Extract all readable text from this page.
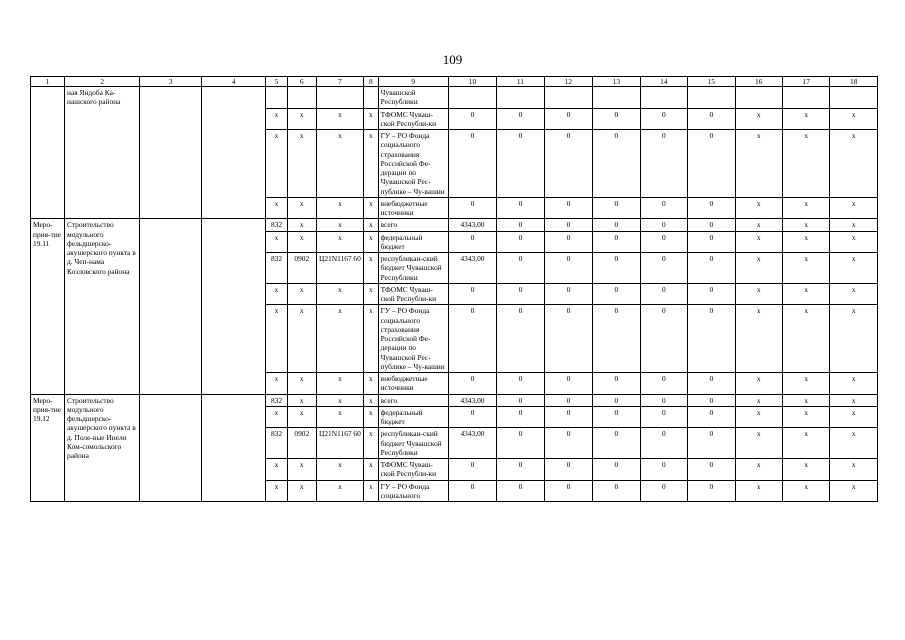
109
1	2	3	4	5	6	7	8	9	10	11	12	13	14	15	16	17	18
	ная Яндоба Ка-нашского района							Чувашской Республики									
				x	x	x	x	ТФОМС Чуваш-ской Республи-ки	0	0	0	0	0	0	x	x	x
				x	x	x	x	ГУ – РО Фонда социального страхования Российской Фе-дерации по Чувашской Рес-публике – Чу-вашии	0	0	0	0	0	0	x	x	x
				x	x	x	x	внебюджетные источники	0	0	0	0	0	0	x	x	x
Меро-прия-тие 19.11	Строительство модульного фельдшерско-акушерского пункта в д. Чеп-нама Козловского района			832	x	x	x	всего	4343,00	0	0	0	0	0	x	x	x
				x	x	x	x	федеральный бюджет	0	0	0	0	0	0	x	x	x
				832	0902	Ц21N1167 60	x	республикан-ский бюджет Чувашской Республики	4343,00	0	0	0	0	0	x	x	x
				x	x	x	x	ТФОМС Чуваш-ской Республи-ки	0	0	0	0	0	0	x	x	x
				x	x	x	x	ГУ – РО Фонда социального страхования Российской Фе-дерации по Чувашской Рес-публике – Чу-вашии	0	0	0	0	0	0	x	x	x
				x	x	x	x	внебюджетные источники	0	0	0	0	0	0	x	x	x
Меро-прия-тие 19.12	Строительство модульного фельдшерско-акушерского пункта в д. Поле-вые Инели Ком-сомольского района			832	x	x	x	всего	4343,00	0	0	0	0	0	x	x	x
				x	x	x	x	федеральный бюджет	0	0	0	0	0	0	x	x	x
				832	0902	Ц21N1167 60	x	республикан-ский бюджет Чувашской Республики	4343,00	0	0	0	0	0	x	x	x
				x	x	x	x	ТФОМС Чуваш-ской Республи-ки	0	0	0	0	0	0	x	x	x
				x	x	x	x	ГУ – РО Фонда социального	0	0	0	0	0	0	x	x	x
